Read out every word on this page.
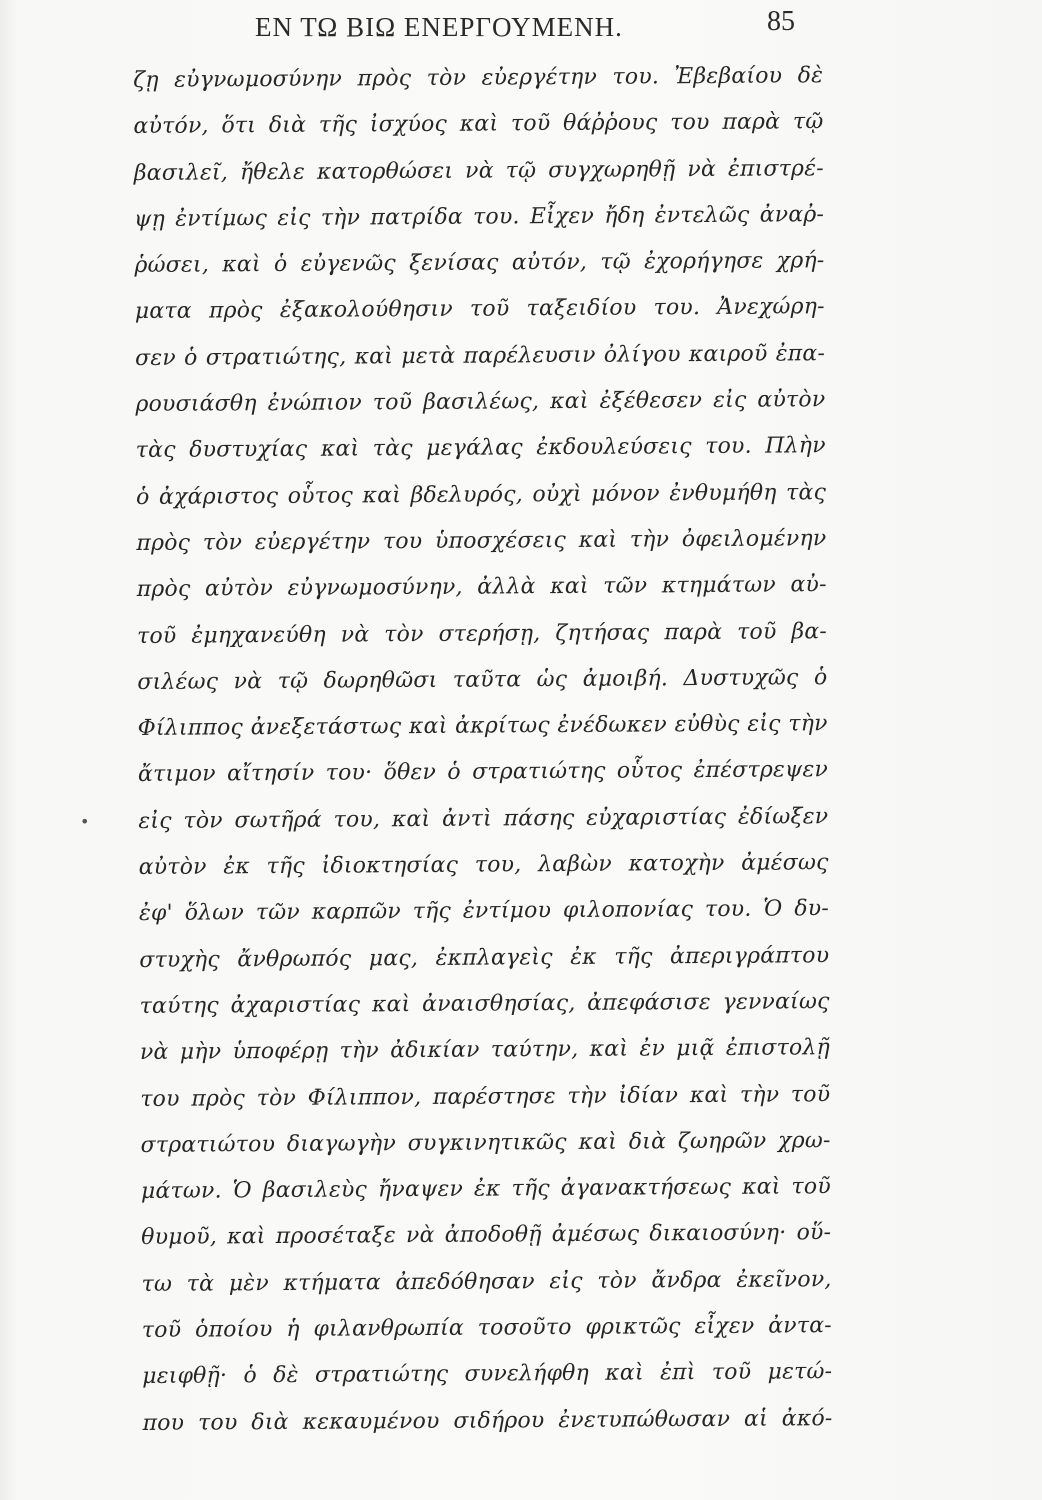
ΕΝ ΤΩ ΒΙΩ ΕΝΕΡΓΟΥΜΕΝΗ.	85
•
ζῃ εὐγνωμοσύνην πρὸς τὸν εὐεργέτην του. Ἐβεβαίου δὲ
αὐτόν, ὅτι διὰ τῆς ἰσχύος καὶ τοῦ θάῤῥους του παρὰ τῷ
βασιλεῖ, ἤθελε κατορθώσει νὰ τῷ συγχωρηθῇ νὰ ἐπιστρέ-
ψῃ ἐντίμως εἰς τὴν πατρίδα του. Εἶχεν ἤδη ἐντελῶς ἀναῤ-
ῥώσει, καὶ ὁ εὐγενῶς ξενίσας αὐτόν, τῷ ἐχορήγησε χρή-
ματα πρὸς ἐξακολούθησιν τοῦ ταξειδίου του. Ἀνεχώρη-
σεν ὁ στρατιώτης, καὶ μετὰ παρέλευσιν ὀλίγου καιροῦ ἐπα-
ρουσιάσθη ἐνώπιον τοῦ βασιλέως, καὶ ἐξέθεσεν εἰς αὐτὸν
τὰς δυστυχίας καὶ τὰς μεγάλας ἐκδουλεύσεις του. Πλὴν
ὁ ἀχάριστος οὗτος καὶ βδελυρός, οὐχὶ μόνον ἐνθυμήθη τὰς
πρὸς τὸν εὐεργέτην του ὑποσχέσεις καὶ τὴν ὀφειλομένην
πρὸς αὐτὸν εὐγνωμοσύνην, ἀλλὰ καὶ τῶν κτημάτων αὐ-
τοῦ ἐμηχανεύθη νὰ τὸν στερήσῃ, ζητήσας παρὰ τοῦ βα-
σιλέως νὰ τῷ δωρηθῶσι ταῦτα ὡς ἀμοιβή. Δυστυχῶς ὁ
Φίλιππος ἀνεξετάστως καὶ ἀκρίτως ἐνέδωκεν εὐθὺς εἰς τὴν
ἄτιμον αἴτησίν του· ὅθεν ὁ στρατιώτης οὗτος ἐπέστρεψεν
εἰς τὸν σωτῆρά του, καὶ ἀντὶ πάσης εὐχαριστίας ἐδίωξεν
αὐτὸν ἐκ τῆς ἰδιοκτησίας του, λαβὼν κατοχὴν ἀμέσως
ἐφ' ὅλων τῶν καρπῶν τῆς ἐντίμου φιλοπονίας του. Ὁ δυ-
στυχὴς ἄνθρωπός μας, ἐκπλαγεὶς ἐκ τῆς ἀπεριγράπτου
ταύτης ἀχαριστίας καὶ ἀναισθησίας, ἀπεφάσισε γενναίως
νὰ μὴν ὑποφέρῃ τὴν ἀδικίαν ταύτην, καὶ ἐν μιᾷ ἐπιστολῇ
του πρὸς τὸν Φίλιππον, παρέστησε τὴν ἰδίαν καὶ τὴν τοῦ
στρατιώτου διαγωγὴν συγκινητικῶς καὶ διὰ ζωηρῶν χρω-
μάτων. Ὁ βασιλεὺς ἤναψεν ἐκ τῆς ἀγανακτήσεως καὶ τοῦ
θυμοῦ, καὶ προσέταξε νὰ ἀποδοθῇ ἀμέσως δικαιοσύνη· οὕ-
τω τὰ μὲν κτήματα ἀπεδόθησαν εἰς τὸν ἄνδρα ἐκεῖνον,
τοῦ ὁποίου ἡ φιλανθρωπία τοσοῦτο φρικτῶς εἶχεν ἀντα-
μειφθῇ· ὁ δὲ στρατιώτης συνελήφθη καὶ ἐπὶ τοῦ μετώ-
που του διὰ κεκαυμένου σιδήρου ἐνετυπώθωσαν αἱ ἀκό-
